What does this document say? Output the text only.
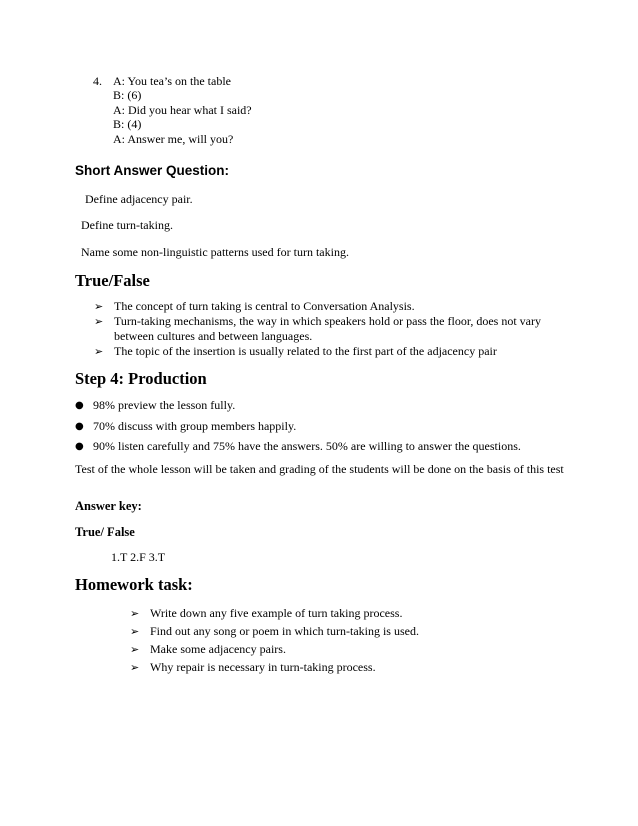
4. A: You tea’s on the table
B: (6)
A: Did you hear what I said?
B: (4)
A: Answer me, will you?
Short Answer Question:
Define adjacency pair.
Define turn-taking.
Name some non-linguistic patterns used for turn taking.
True/False
➢ The concept of turn taking is central to Conversation Analysis.
➢ Turn-taking mechanisms, the way in which speakers hold or pass the floor, does not vary between cultures and between languages.
➢ The topic of the insertion is usually related to the first part of the adjacency pair
Step 4: Production
● 98% preview the lesson fully.
● 70% discuss with group members happily.
● 90% listen carefully and 75% have the answers. 50% are willing to answer the questions.
Test of the whole lesson will be taken and grading of the students will be done on the basis of this test
Answer key:
True/ False
1.T 2.F 3.T
Homework task:
➢ Write down any five example of turn taking process.
➢ Find out any song or poem in which turn-taking is used.
➢ Make some adjacency pairs.
➢ Why repair is necessary in turn-taking process.
